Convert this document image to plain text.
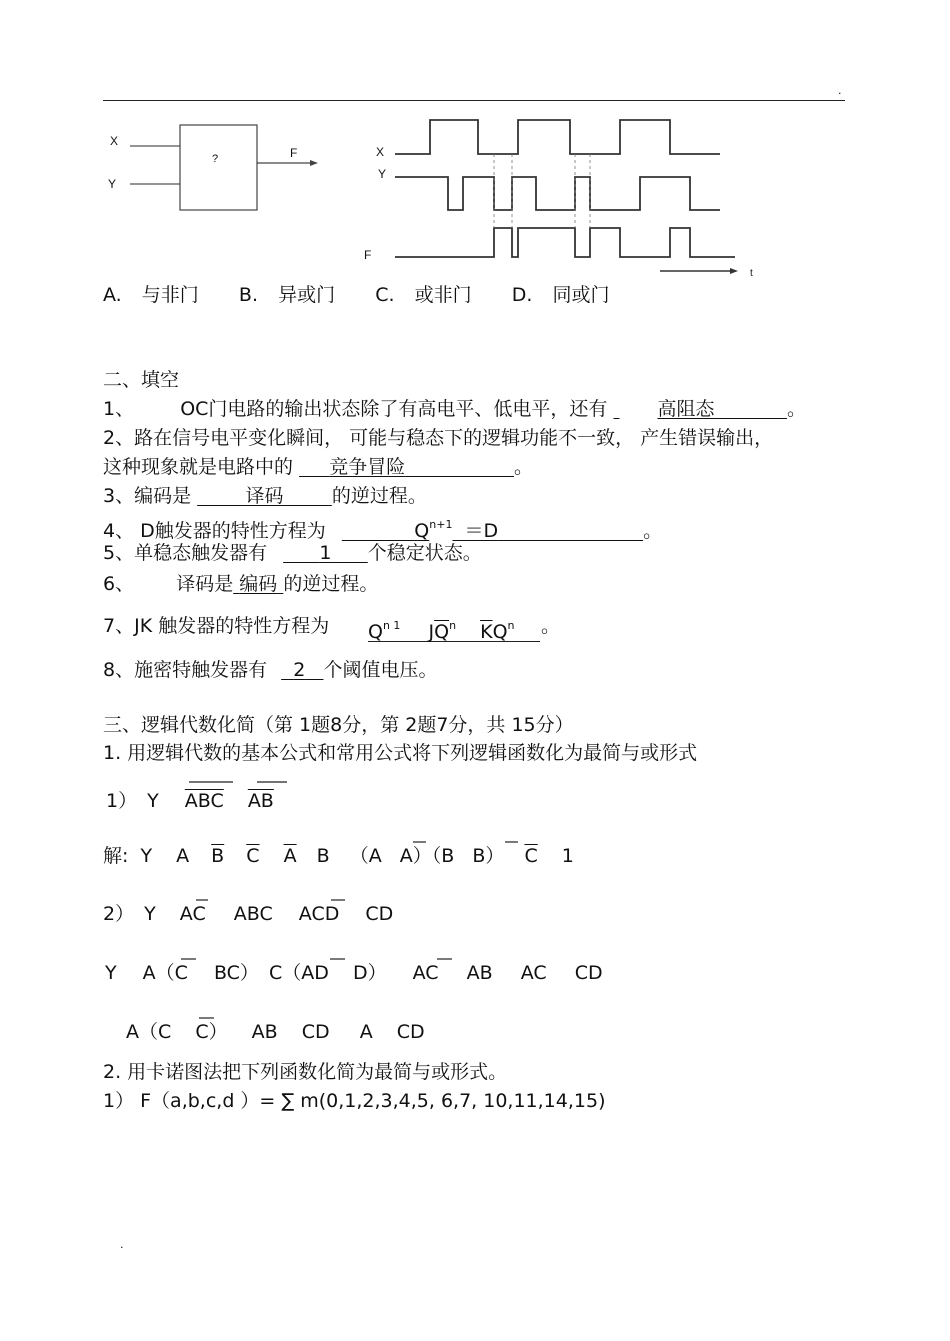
.
X
Y
?	F	X
Y
F
t
A. 与非门 B. 异或门 C. 或非门 D. 同或门
二、填空
1、 OC门电路的输出状态除了有高电平、低电平，还有	高阻态	。
2、路在信号电平变化瞬间， 可能与稳态下的逻辑功能不一致， 产生错误输出，
这种现象就是电路中的 竞争冒险	。
3、编码是	译码	的逆过程。
4、 D触发器的特性方程为	$Q^{n+1} =D$	。
5、单稳态触发器有	1 个稳定状态。
6、 译码是 编码 的逆过程。
7、JK 触发器的特性方程为 $Q^{n 1}$ $J\overline{Q}^n$ $\overline{K}Q^n$	。
8、施密特触发器有 2 个阈值电压。
三、逻辑代数化简（第 1题8分，第 2题7分，共 15分）
1. 用逻辑代数的基本公式和常用公式将下列逻辑函数化为最简与或形式
1） Y $\overline{ABC}$ $\overline{AB}$
解: Y A $\overline{B}$ $\overline{C}$ $\overline{A}$ B （A A）（B B） $\overline{C}$ 1
2） Y AC ABC ACD CD
Y A（C BC） C（AD D） AC AB AC CD
A（C C） AB CD A CD
2. 用卡诺图法把下列函数化简为最简与或形式。
1） F（a,b,c,d ）= ∑ m(0,1,2,3,4,5, 6,7, 10,11,14,15)
.
